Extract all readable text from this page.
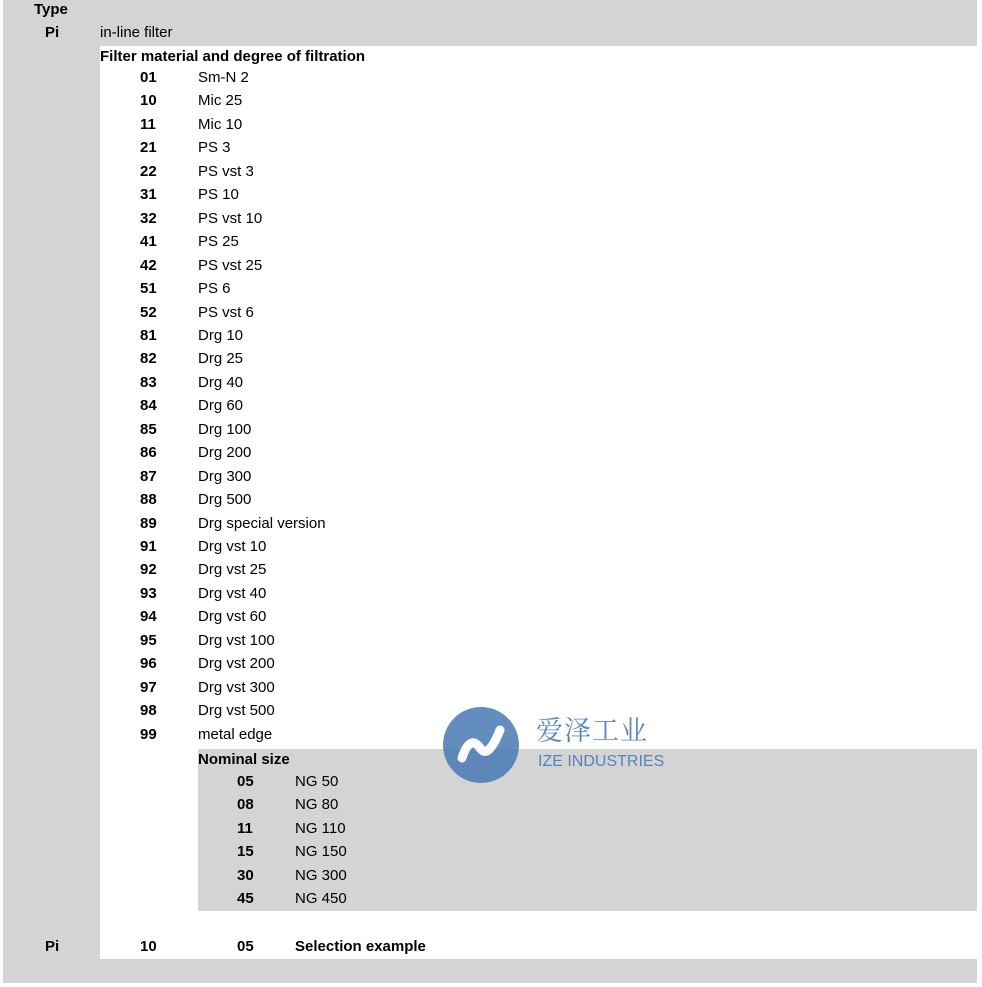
Type
Pi	in-line filter
Filter material and degree of filtration
01	Sm-N 2
10	Mic 25
11	Mic 10
21	PS 3
22	PS vst 3
31	PS 10
32	PS vst 10
41	PS 25
42	PS vst 25
51	PS 6
52	PS vst 6
81	Drg 10
82	Drg 25
83	Drg 40
84	Drg 60
85	Drg 100
86	Drg 200
87	Drg 300
88	Drg 500
89	Drg special version
91	Drg vst 10
92	Drg vst 25
93	Drg vst 40
94	Drg vst 60
95	Drg vst 100
96	Drg vst 200
97	Drg vst 300
98	Drg vst 500
99	metal edge
Nominal size
05	NG 50
08	NG 80
11	NG 110
15	NG 150
30	NG 300
45	NG 450
Pi	10	05	Selection example
爱泽工业
IZE INDUSTRIES
